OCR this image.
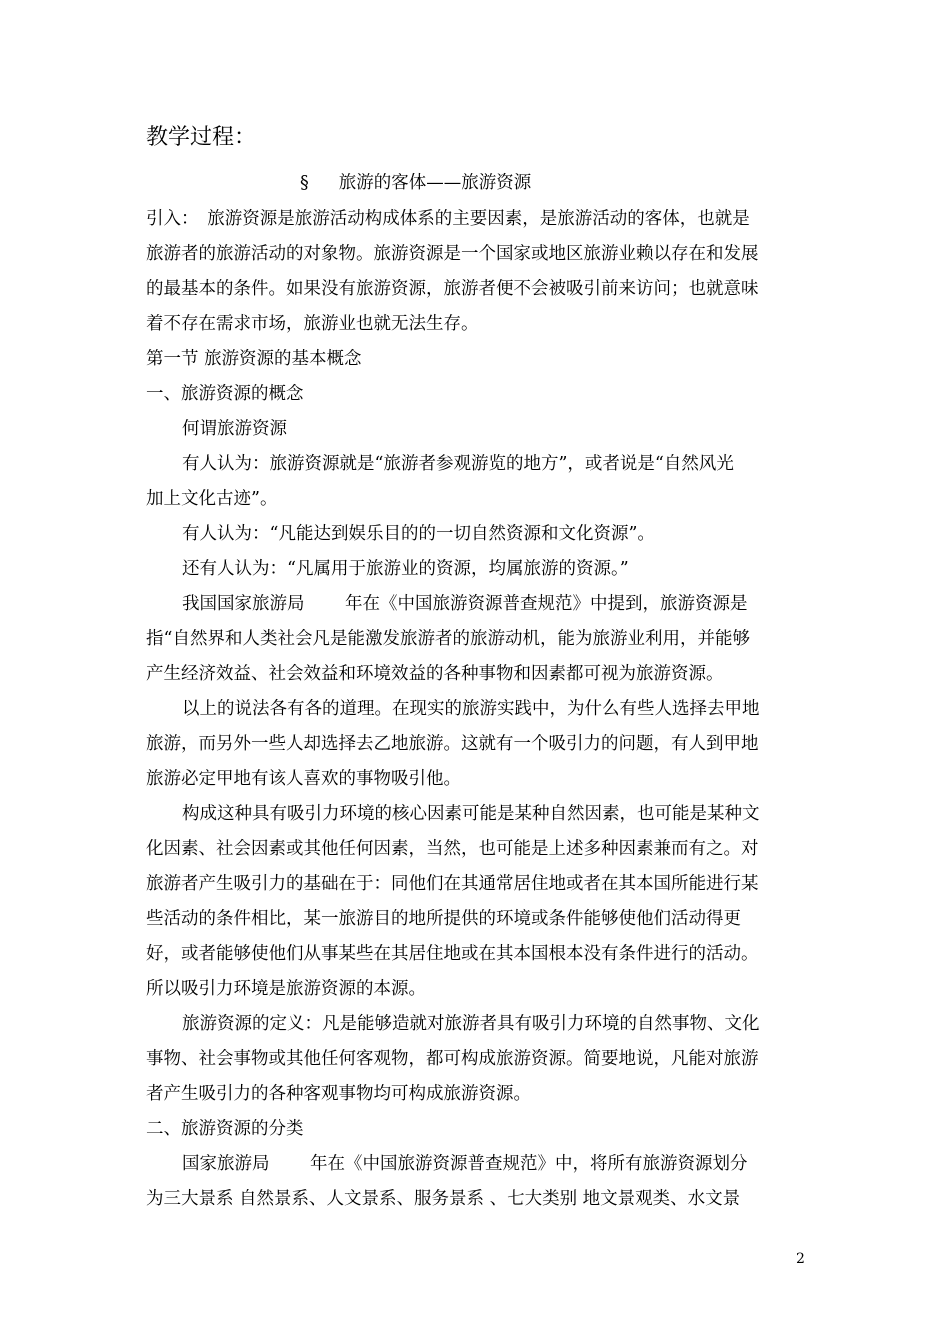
教学过程：
§ 旅游的客体——旅游资源
引入：　旅游资源是旅游活动构成体系的主要因素，是旅游活动的客体，也就是
旅游者的旅游活动的对象物。旅游资源是一个国家或地区旅游业赖以存在和发展
的最基本的条件。如果没有旅游资源，旅游者便不会被吸引前来访问；也就意味
着不存在需求市场，旅游业也就无法生存。
第一节 旅游资源的基本概念
一、旅游资源的概念
何谓旅游资源
有人认为：旅游资源就是“旅游者参观游览的地方”，或者说是“自然风光
加上文化古迹”。
有人认为：“凡能达到娱乐目的的一切自然资源和文化资源”。
还有人认为：“凡属用于旅游业的资源，均属旅游的资源。”
我国国家旅游局　　 年在《中国旅游资源普查规范》中提到，旅游资源是
指“自然界和人类社会凡是能激发旅游者的旅游动机，能为旅游业利用，并能够
产生经济效益、社会效益和环境效益的各种事物和因素都可视为旅游资源。
以上的说法各有各的道理。在现实的旅游实践中，为什么有些人选择去甲地
旅游，而另外一些人却选择去乙地旅游。这就有一个吸引力的问题，有人到甲地
旅游必定甲地有该人喜欢的事物吸引他。
构成这种具有吸引力环境的核心因素可能是某种自然因素，也可能是某种文
化因素、社会因素或其他任何因素，当然，也可能是上述多种因素兼而有之。对
旅游者产生吸引力的基础在于：同他们在其通常居住地或者在其本国所能进行某
些活动的条件相比，某一旅游目的地所提供的环境或条件能够使他们活动得更
好，或者能够使他们从事某些在其居住地或在其本国根本没有条件进行的活动。
所以吸引力环境是旅游资源的本源。
旅游资源的定义：凡是能够造就对旅游者具有吸引力环境的自然事物、文化
事物、社会事物或其他任何客观物，都可构成旅游资源。简要地说，凡能对旅游
者产生吸引力的各种客观事物均可构成旅游资源。
二、旅游资源的分类
国家旅游局　　 年在《中国旅游资源普查规范》中，将所有旅游资源划分
为三大景系 自然景系、人文景系、服务景系 、七大类别 地文景观类、水文景
2
